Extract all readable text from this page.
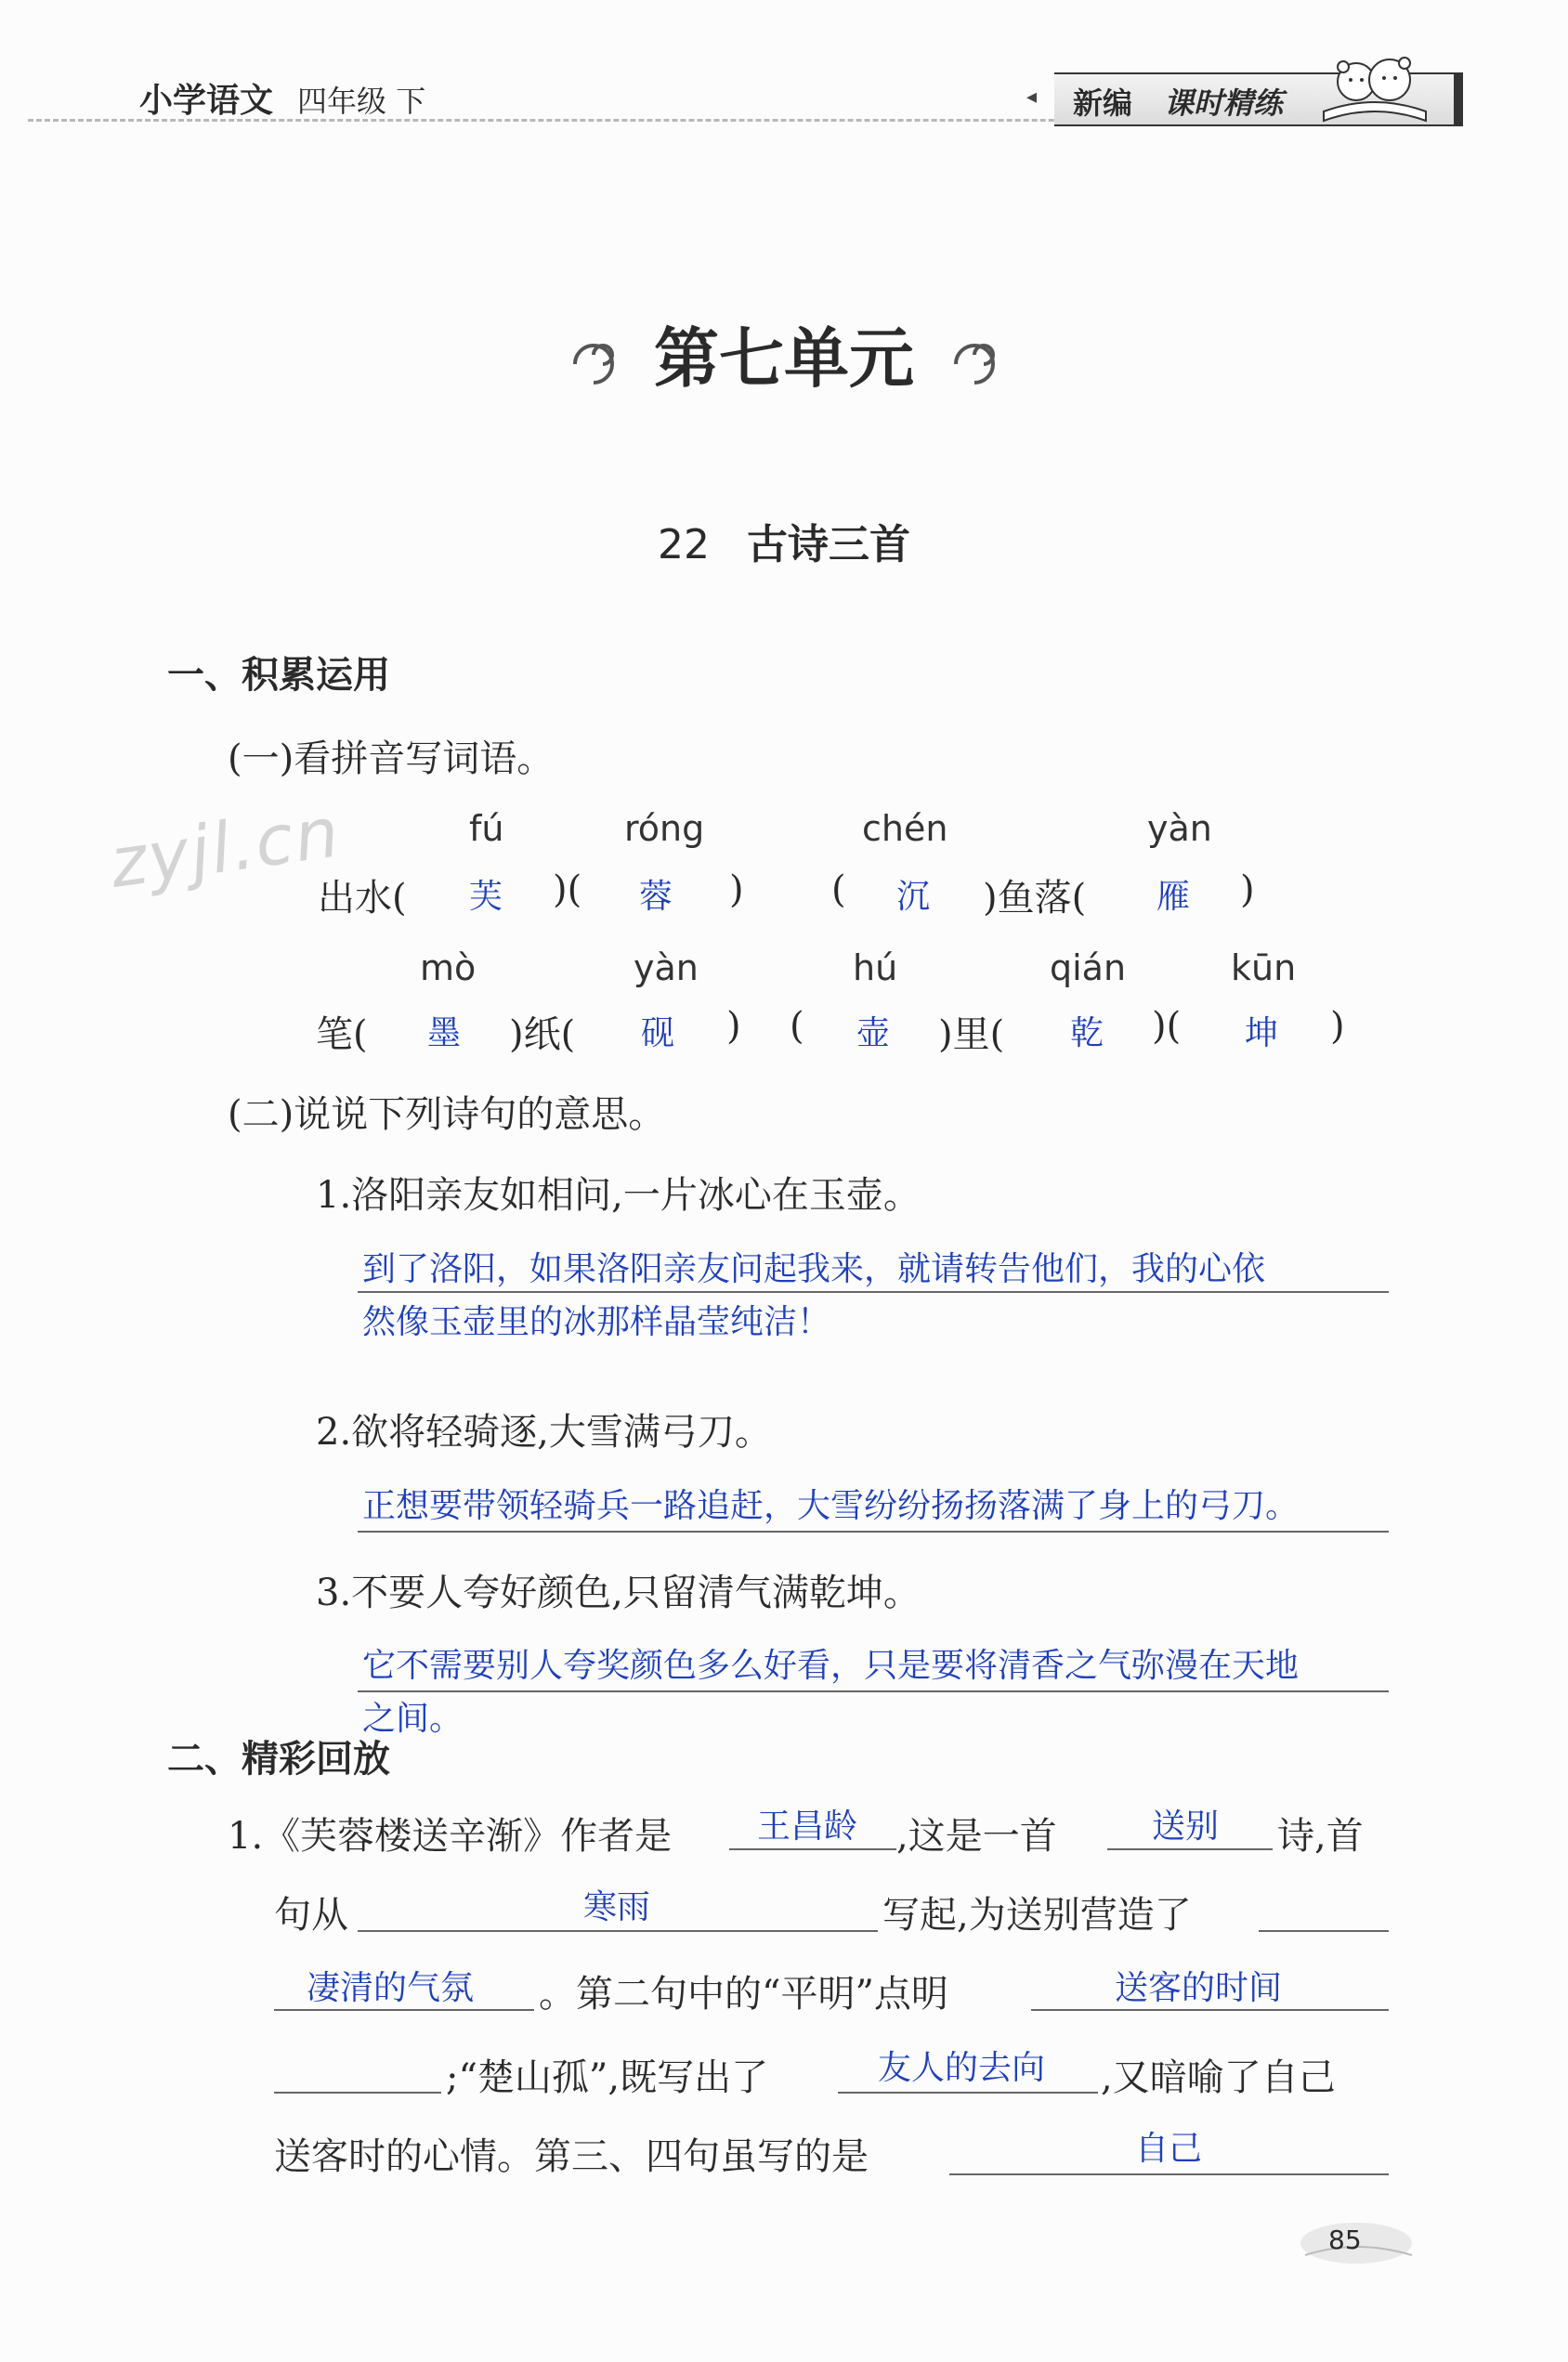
小学语文 四年级 下	◂ 新编 课时精练
第七单元
22 古诗三首
zyjl.cn
一、积累运用
(一)看拼音写词语。
fú	róng	chén	yàn
出水( 芙 )( 蓉 ) ( 沉 )鱼落( 雁 )
mò	yàn	hú	qián	kūn
笔( 墨 )纸( 砚 ) ( 壶 )里( 乾 )( 坤 )
(二)说说下列诗句的意思。
1.洛阳亲友如相问,一片冰心在玉壶。
到了洛阳，如果洛阳亲友问起我来，就请转告他们，我的心依
然像玉壶里的冰那样晶莹纯洁！
2.欲将轻骑逐,大雪满弓刀。
正想要带领轻骑兵一路追赶，大雪纷纷扬扬落满了身上的弓刀。
3.不要人夸好颜色,只留清气满乾坤。
它不需要别人夸奖颜色多么好看，只是要将清香之气弥漫在天地
之间。
二、精彩回放
1.《芙蓉楼送辛渐》作者是	王昌龄 ,这是一首	送别 诗,首
句从	寒雨	写起,为送别营造了
凄清的气氛 。第二句中的“平明”点明	送客的时间
;“楚山孤”,既写出了	友人的去向 ,又暗喻了自己
送客时的心情。第三、四句虽写的是	自己
85
